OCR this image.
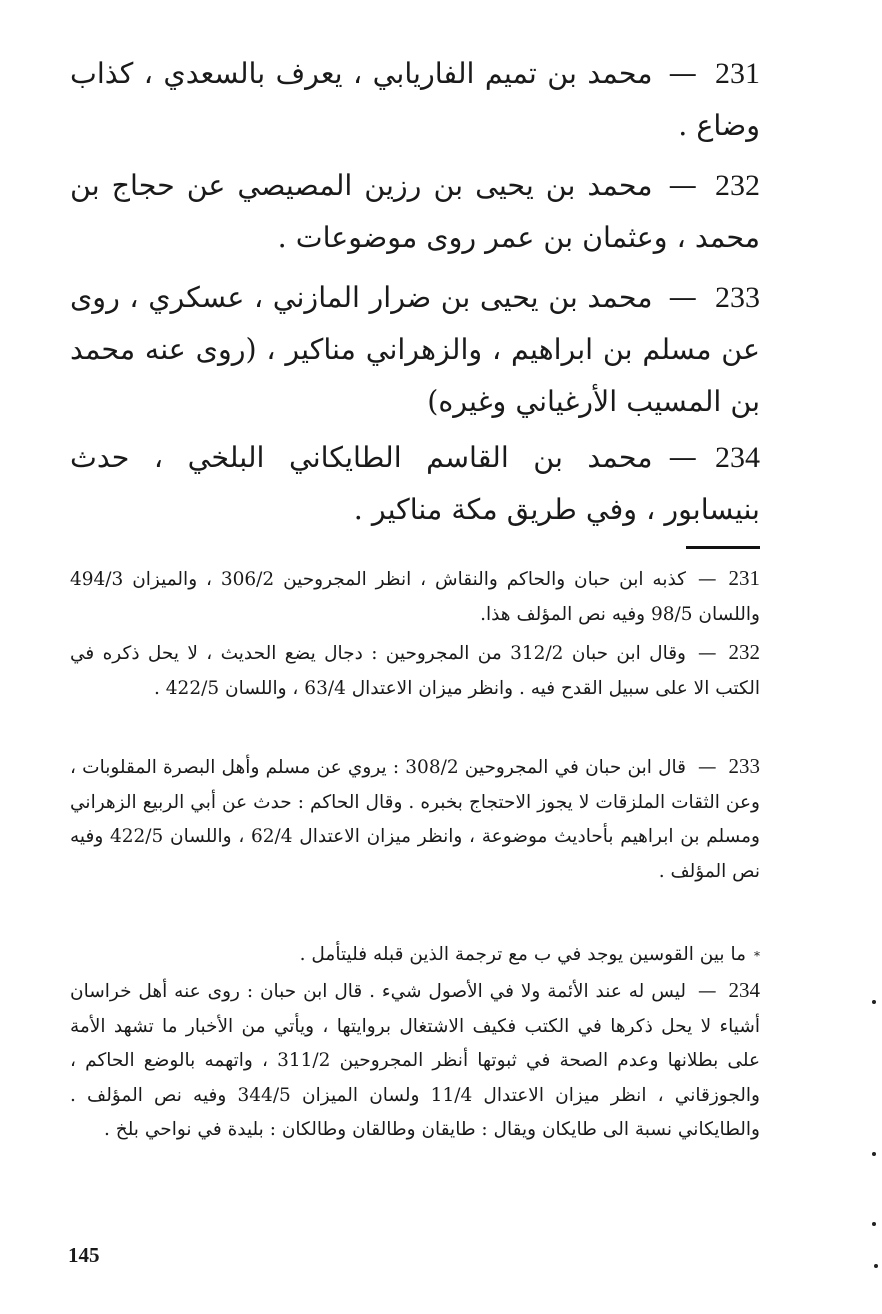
231—محمد بن تميم الفاريابي ، يعرف بالسعدي ، كذاب وضاع .
232—محمد بن يحيى بن رزين المصيصي عن حجاج بن محمد ، وعثمان بن عمر روى موضوعات .
233—محمد بن يحيى بن ضرار المازني ، عسكري ، روى عن مسلم بن ابراهيم ، والزهراني مناكير ، (روى عنه محمد بن المسيب الأرغياني وغيره)
234—محمد بن القاسم الطايكاني البلخي ، حدث بنيسابور ، وفي طريق مكة مناكير .
231—كذبه ابن حبان والحاكم والنقاش ، انظر المجروحين 306/2 ، والميزان 494/3 واللسان 98/5 وفيه نص المؤلف هذا.
232—وقال ابن حبان 312/2 من المجروحين : دجال يضع الحديث ، لا يحل ذكره في الكتب الا على سبيل القدح فيه . وانظر ميزان الاعتدال 63/4 ، واللسان 422/5 .
233—قال ابن حبان في المجروحين 308/2 : يروي عن مسلم وأهل البصرة المقلوبات ، وعن الثقات الملزقات لا يجوز الاحتجاج بخبره . وقال الحاكم : حدث عن أبي الربيع الزهراني ومسلم بن ابراهيم بأحاديث موضوعة ، وانظر ميزان الاعتدال 62/4 ، واللسان 422/5 وفيه نص المؤلف .
*ما بين القوسين يوجد في ب مع ترجمة الذين قبله فليتأمل .
234—ليس له عند الأئمة ولا في الأصول شيء . قال ابن حبان : روى عنه أهل خراسان أشياء لا يحل ذكرها في الكتب فكيف الاشتغال بروايتها ، ويأتي من الأخبار ما تشهد الأمة على بطلانها وعدم الصحة في ثبوتها أنظر المجروحين 311/2 ، واتهمه بالوضع الحاكم ، والجوزقاني ، انظر ميزان الاعتدال 11/4 ولسان الميزان 344/5 وفيه نص المؤلف . والطايكاني نسبة الى طايكان ويقال : طايقان وطالقان وطالكان : بليدة في نواحي بلخ .
145
